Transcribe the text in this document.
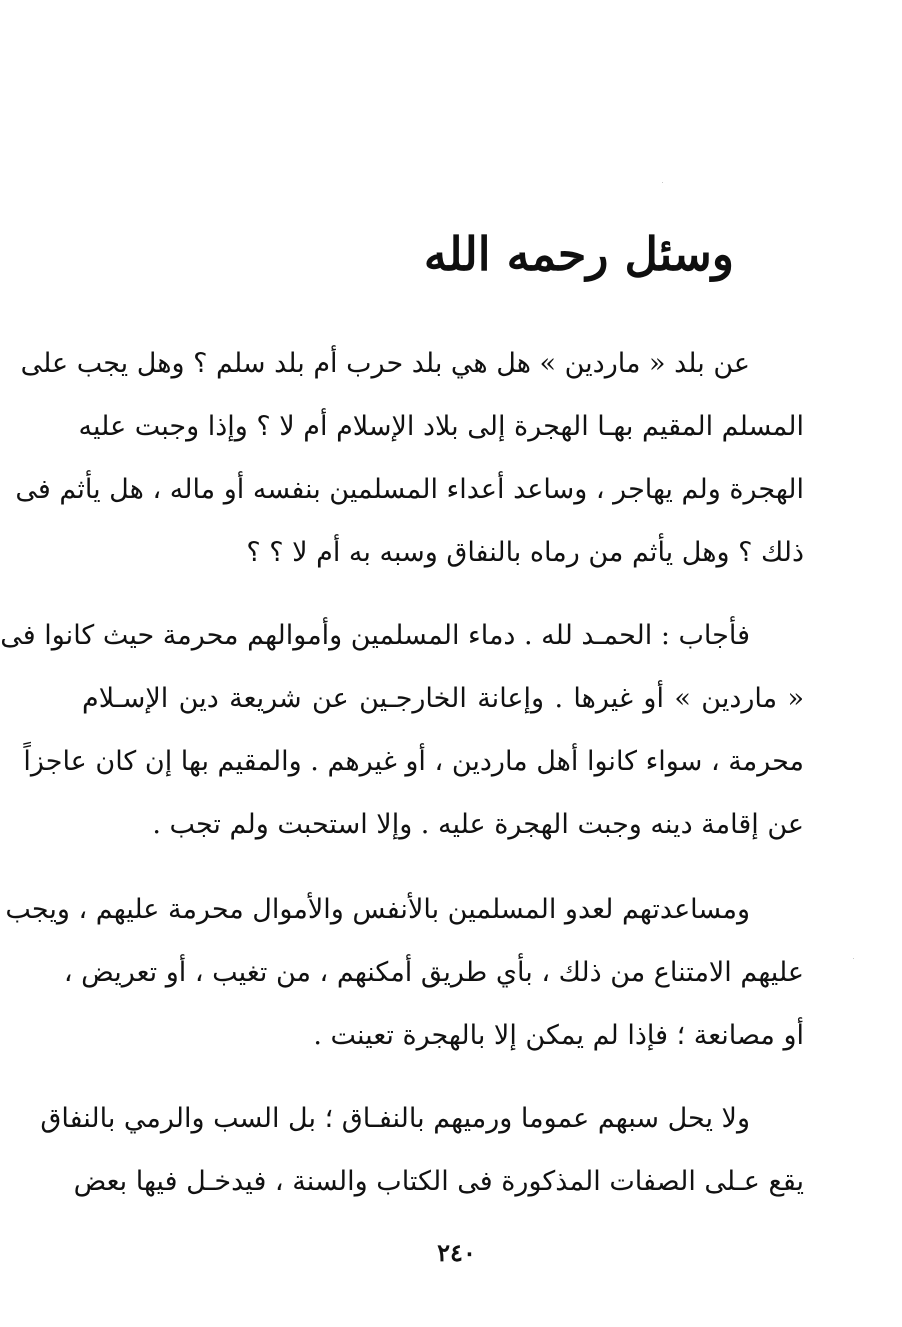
وسئل رحمه الله
عن بلد « ماردين » هل هي بلد حرب أم بلد سلم ؟ وهل يجب على
المسلم المقيم بهـا الهجرة إلى بلاد الإسلام أم لا ؟ وإذا وجبت عليه
الهجرة ولم يهاجر ، وساعد أعداء المسلمين بنفسه أو ماله ، هل يأثم فى
ذلك ؟ وهل يأثم من رماه بالنفاق وسبه به أم لا ؟ ؟
فأجاب : الحمـد لله . دماء المسلمين وأموالهم محرمة حيث كانوا فى
« ماردين » أو غيرها . وإعانة الخارجـين عن شريعة دين الإسـلام
محرمة ، سواء كانوا أهل ماردين ، أو غيرهم . والمقيم بها إن كان عاجزاً
عن إقامة دينه وجبت الهجرة عليه . وإلا استحبت ولم تجب .
ومساعدتهم لعدو المسلمين بالأنفس والأموال محرمة عليهم ، ويجب
عليهم الامتناع من ذلك ، بأي طريق أمكنهم ، من تغيب ، أو تعريض ،
أو مصانعة ؛ فإذا لم يمكن إلا بالهجرة تعينت .
ولا يحل سبهم عموما ورميهم بالنفـاق ؛ بل السب والرمي بالنفاق
يقع عـلى الصفات المذكورة فى الكتاب والسنة ، فيدخـل فيها بعض
٢٤٠
